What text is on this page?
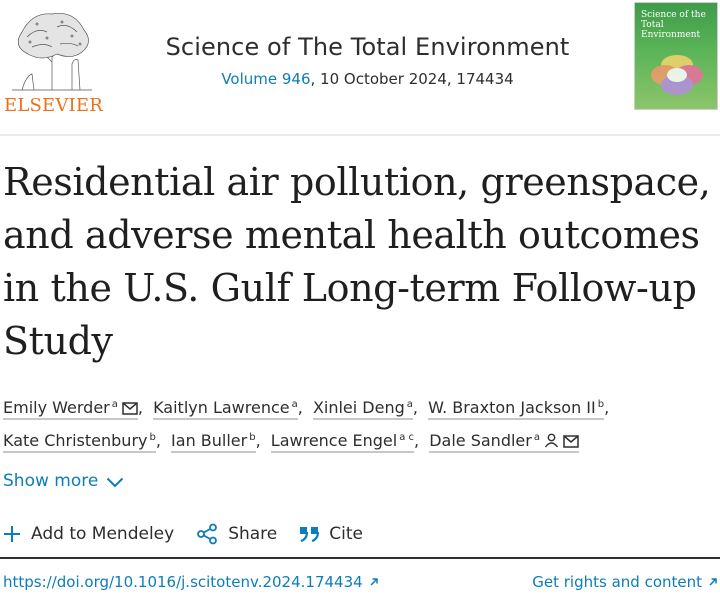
ELSEVIER
Science of The Total Environment
Volume 946, 10 October 2024, 174434
Science of the Total Environment
Residential air pollution, greenspace, and adverse mental health outcomes in the U.S. Gulf Long-term Follow-up Study
Emily Werder $^a$ , Kaitlyn Lawrence $^a$, Xinlei Deng $^a$, W. Braxton Jackson II $^b$,
Kate Christenbury $^b$, Ian Buller $^b$, Lawrence Engel $^{a c}$, Dale Sandler $^a$
Show more
Add to Mendeley	Share	Cite
https://doi.org/10.1016/j.scitotenv.2024.174434	Get rights and content
